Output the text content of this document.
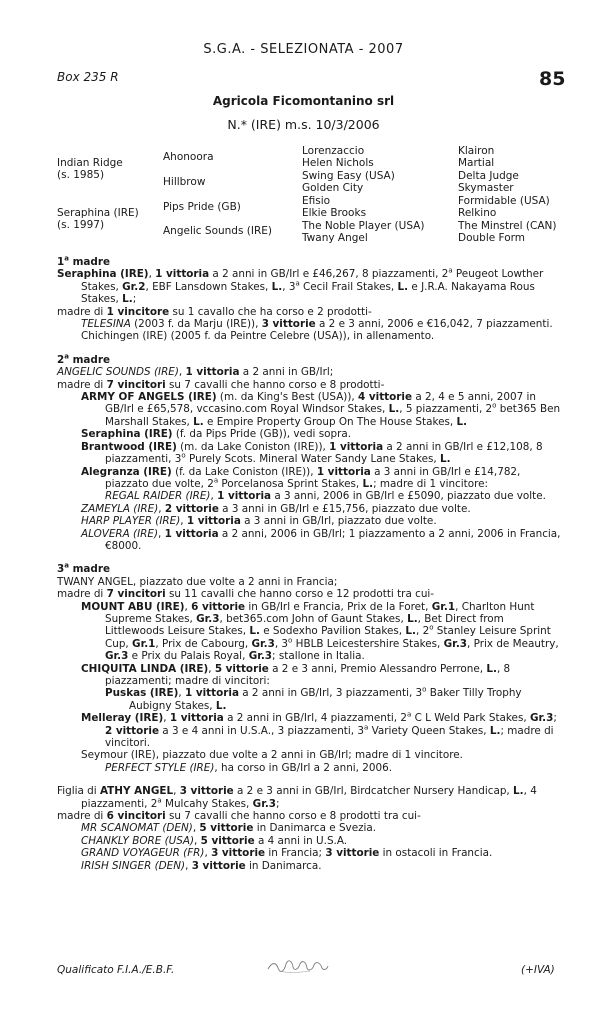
S.G.A. - SELEZIONATA - 2007
Box 235 R	85
Agricola Ficomontanino srl
N.* (IRE) m.s. 10/3/2006
Indian Ridge
(s. 1985)
Seraphina (IRE)
(s. 1997)
Ahonoora
Hillbrow
Pips Pride (GB)
Angelic Sounds (IRE)
Lorenzaccio
Helen Nichols
Swing Easy (USA)
Golden City
Efisio
Elkie Brooks
The Noble Player (USA)
Twany Angel
Klairon
Martial
Delta Judge
Skymaster
Formidable (USA)
Relkino
The Minstrel (CAN)
Double Form

1$^a$ madre

Seraphina (IRE), 1 vittoria a 2 anni in GB/Irl e £46,267, 8 piazzamenti, 2$^a$ Peugeot Lowther Stakes, Gr.2, EBF Lansdown Stakes, L., 3$^a$ Cecil Frail Stakes, L. e J.R.A. Nakayama Rous Stakes, L.;

madre di 1 vincitore su 1 cavallo che ha corso e 2 prodotti-

TELESINA (2003 f. da Marju (IRE)), 3 vittorie a 2 e 3 anni, 2006 e €16,042, 7 piazzamenti.

Chichingen (IRE) (2005 f. da Peintre Celebre (USA)), in allenamento.

2$^a$ madre

ANGELIC SOUNDS (IRE), 1 vittoria a 2 anni in GB/Irl;

madre di 7 vincitori su 7 cavalli che hanno corso e 8 prodotti-

ARMY OF ANGELS (IRE) (m. da King's Best (USA)), 4 vittorie a 2, 4 e 5 anni, 2007 in GB/Irl e £65,578, vccasino.com Royal Windsor Stakes, L., 5 piazzamenti, 2$^o$ bet365 Ben Marshall Stakes, L. e Empire Property Group On The House Stakes, L.

Seraphina (IRE) (f. da Pips Pride (GB)), vedi sopra.

Brantwood (IRE) (m. da Lake Coniston (IRE)), 1 vittoria a 2 anni in GB/Irl e £12,108, 8 piazzamenti, 3$^o$ Purely Scots. Mineral Water Sandy Lane Stakes, L.

Alegranza (IRE) (f. da Lake Coniston (IRE)), 1 vittoria a 3 anni in GB/Irl e £14,782, piazzato due volte, 2$^a$ Porcelanosa Sprint Stakes, L.; madre di 1 vincitore:

REGAL RAIDER (IRE), 1 vittoria a 3 anni, 2006 in GB/Irl e £5090, piazzato due volte.

ZAMEYLA (IRE), 2 vittorie a 3 anni in GB/Irl e £15,756, piazzato due volte.

HARP PLAYER (IRE), 1 vittoria a 3 anni in GB/Irl, piazzato due volte.

ALOVERA (IRE), 1 vittoria a 2 anni, 2006 in GB/Irl; 1 piazzamento a 2 anni, 2006 in Francia, €8000.

3$^a$ madre

TWANY ANGEL, piazzato due volte a 2 anni in Francia;

madre di 7 vincitori su 11 cavalli che hanno corso e 12 prodotti tra cui-

MOUNT ABU (IRE), 6 vittorie in GB/Irl e Francia, Prix de la Foret, Gr.1, Charlton Hunt Supreme Stakes, Gr.3, bet365.com John of Gaunt Stakes, L., Bet Direct from Littlewoods Leisure Stakes, L. e Sodexho Pavilion Stakes, L., 2$^o$ Stanley Leisure Sprint Cup, Gr.1, Prix de Cabourg, Gr.3, 3$^o$ HBLB Leicestershire Stakes, Gr.3, Prix de Meautry, Gr.3 e Prix du Palais Royal, Gr.3; stallone in Italia.

CHIQUITA LINDA (IRE), 5 vittorie a 2 e 3 anni, Premio Alessandro Perrone, L., 8 piazzamenti; madre di vincitori:

Puskas (IRE), 1 vittoria a 2 anni in GB/Irl, 3 piazzamenti, 3$^o$ Baker Tilly Trophy Aubigny Stakes, L.

Melleray (IRE), 1 vittoria a 2 anni in GB/Irl, 4 piazzamenti, 2$^a$ C L Weld Park Stakes, Gr.3; 2 vittorie a 3 e 4 anni in U.S.A., 3 piazzamenti, 3$^a$ Variety Queen Stakes, L.; madre di vincitori.

Seymour (IRE), piazzato due volte a 2 anni in GB/Irl; madre di 1 vincitore.

PERFECT STYLE (IRE), ha corso in GB/Irl a 2 anni, 2006.

Figlia di ATHY ANGEL, 3 vittorie a 2 e 3 anni in GB/Irl, Birdcatcher Nursery Handicap, L., 4 piazzamenti, 2$^a$ Mulcahy Stakes, Gr.3;

madre di 6 vincitori su 7 cavalli che hanno corso e 8 prodotti tra cui-

MR SCANOMAT (DEN), 5 vittorie in Danimarca e Svezia.

CHANKLY BORE (USA), 5 vittorie a 4 anni in U.S.A.

GRAND VOYAGEUR (FR), 3 vittorie in Francia; 3 vittorie in ostacoli in Francia.

IRISH SINGER (DEN), 3 vittorie in Danimarca.

Qualificato F.I.A./E.B.F.	(+IVA)
